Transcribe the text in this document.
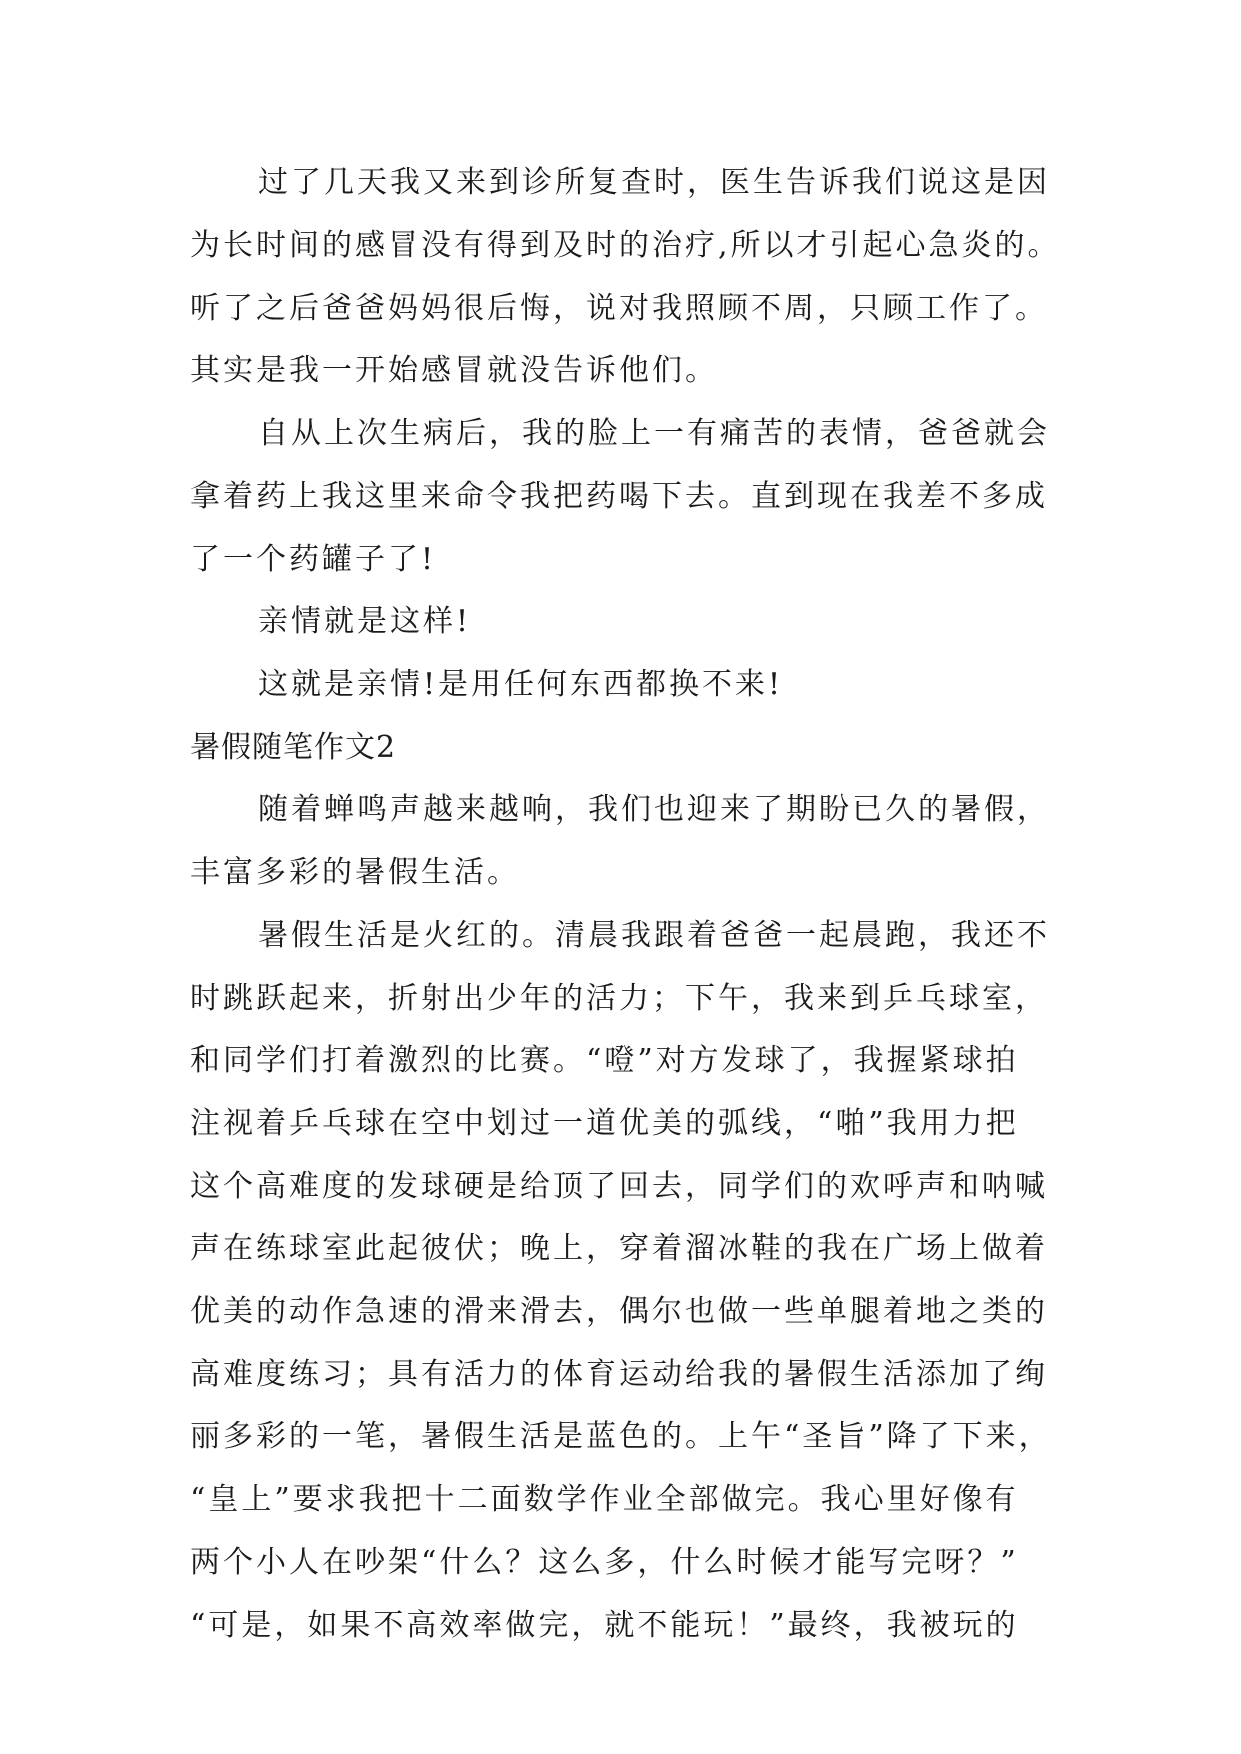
过了几天我又来到诊所复查时，医生告诉我们说这是因
为长时间的感冒没有得到及时的治疗,所以才引起心急炎的。
听了之后爸爸妈妈很后悔，说对我照顾不周，只顾工作了。
其实是我一开始感冒就没告诉他们。
自从上次生病后，我的脸上一有痛苦的表情，爸爸就会
拿着药上我这里来命令我把药喝下去。直到现在我差不多成
了一个药罐子了!
亲情就是这样!
这就是亲情!是用任何东西都换不来!
暑假随笔作文2
随着蝉鸣声越来越响，我们也迎来了期盼已久的暑假，
丰富多彩的暑假生活。
暑假生活是火红的。清晨我跟着爸爸一起晨跑，我还不
时跳跃起来，折射出少年的活力；下午，我来到乒乓球室，
和同学们打着激烈的比赛。“噔”对方发球了，我握紧球拍
注视着乒乓球在空中划过一道优美的弧线，“啪”我用力把
这个高难度的发球硬是给顶了回去，同学们的欢呼声和呐喊
声在练球室此起彼伏；晚上，穿着溜冰鞋的我在广场上做着
优美的动作急速的滑来滑去，偶尔也做一些单腿着地之类的
高难度练习；具有活力的体育运动给我的暑假生活添加了绚
丽多彩的一笔，暑假生活是蓝色的。上午“圣旨”降了下来，
“皇上”要求我把十二面数学作业全部做完。我心里好像有
两个小人在吵架“什么？这么多，什么时候才能写完呀？”
“可是，如果不高效率做完，就不能玩！”最终，我被玩的
